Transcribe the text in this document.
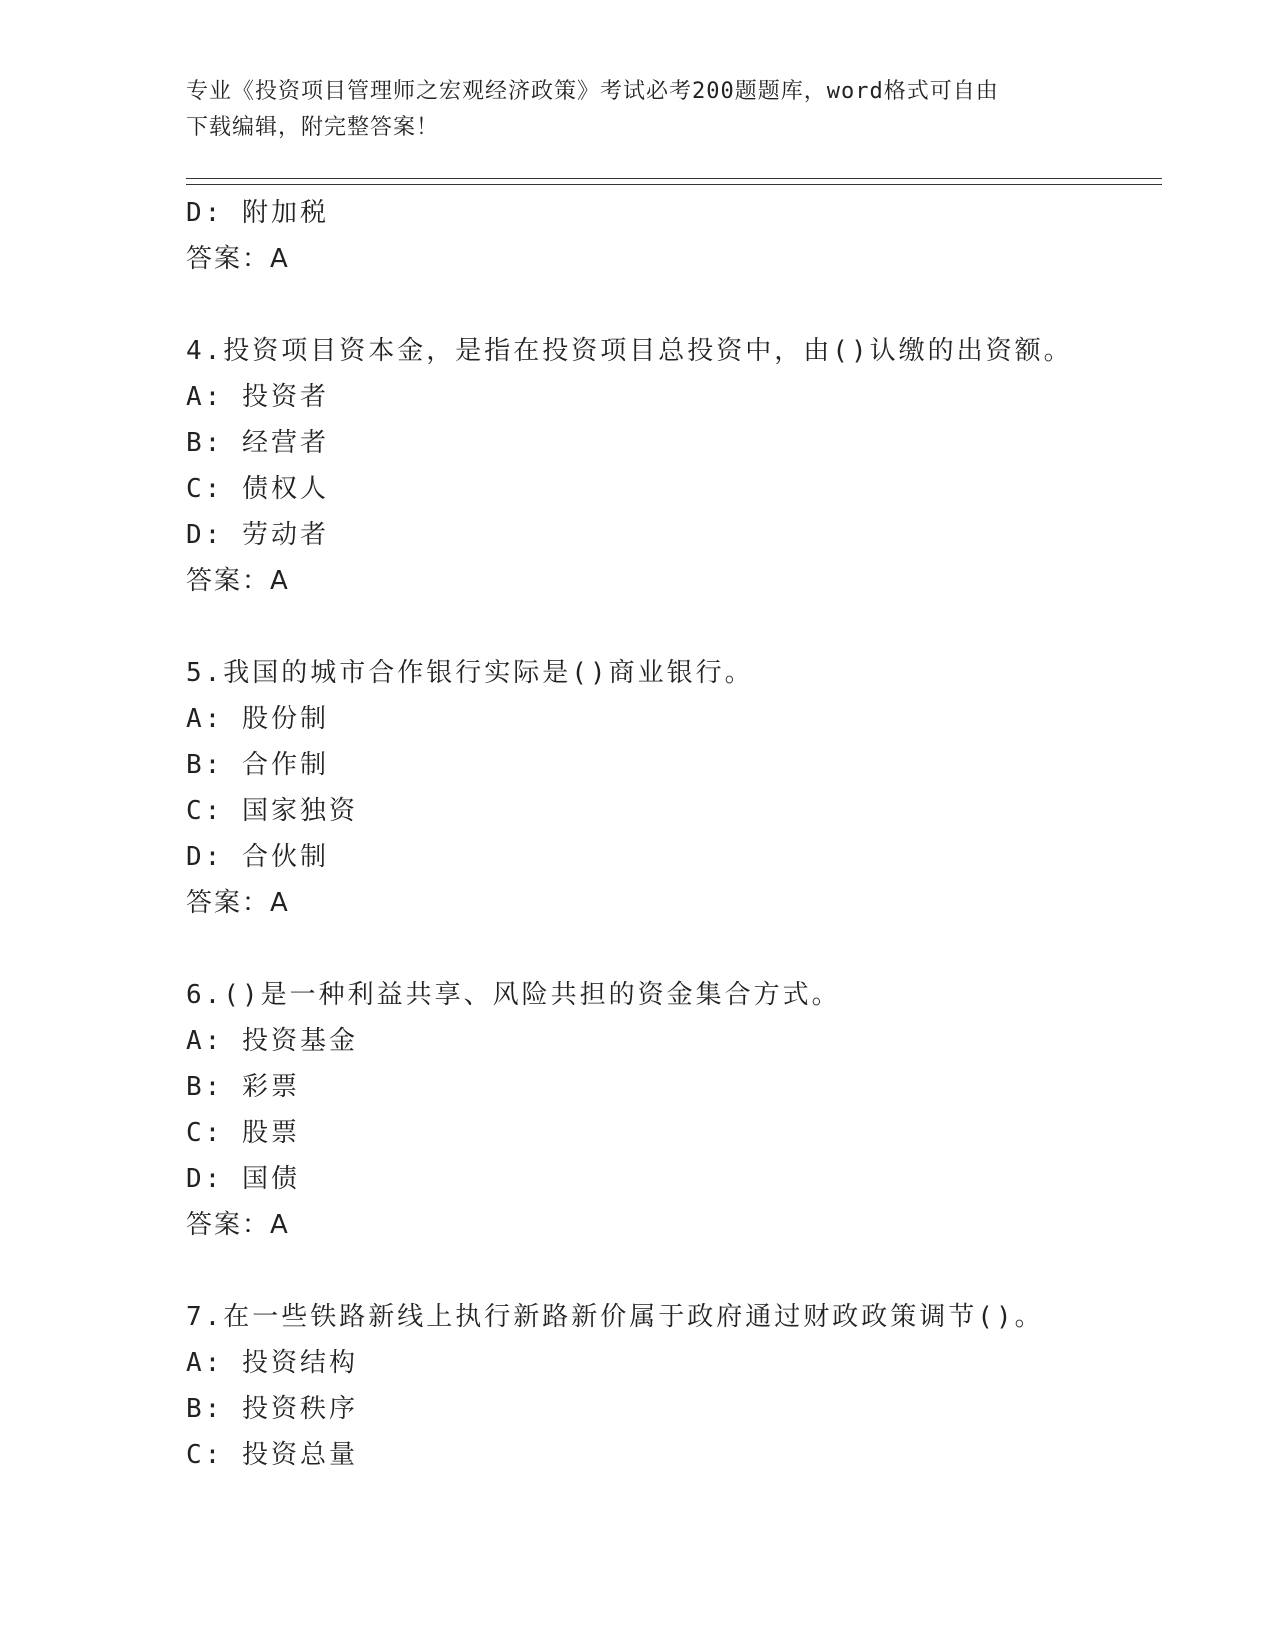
专业《投资项目管理师之宏观经济政策》考试必考200题题库，word格式可自由
下载编辑，附完整答案！
D: 附加税
答案：A
4.投资项目资本金，是指在投资项目总投资中，由()认缴的出资额。
A: 投资者
B: 经营者
C: 债权人
D: 劳动者
答案：A
5.我国的城市合作银行实际是()商业银行。
A: 股份制
B: 合作制
C: 国家独资
D: 合伙制
答案：A
6.()是一种利益共享、风险共担的资金集合方式。
A: 投资基金
B: 彩票
C: 股票
D: 国债
答案：A
7.在一些铁路新线上执行新路新价属于政府通过财政政策调节()。
A: 投资结构
B: 投资秩序
C: 投资总量
